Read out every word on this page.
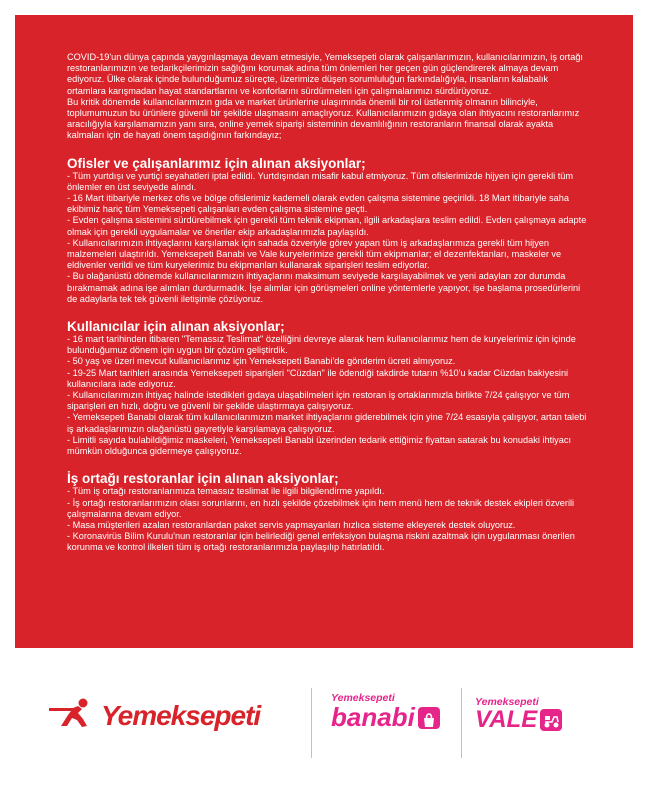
COVID-19'un dünya çapında yaygınlaşmaya devam etmesiyle, Yemeksepeti olarak çalışanlarımızın, kullanıcılarımızın, iş ortağı restoranlarımızın ve tedarikçilerimizin sağlığını korumak adına tüm önlemleri her geçen gün güçlendirerek almaya devam ediyoruz. Ülke olarak içinde bulunduğumuz süreçte, üzerimize düşen sorumluluğun farkındalığıyla, insanların kalabalık ortamlara karışmadan hayat standartlarını ve konforlarını sürdürmeleri için çalışmalarımızı sürdürüyoruz.

Bu kritik dönemde kullanıcılarımızın gıda ve market ürünlerine ulaşımında önemli bir rol üstlenmiş olmanın bilinciyle, toplumumuzun bu ürünlere güvenli bir şekilde ulaşmasını amaçlıyoruz. Kullanıcılarımızın gıdaya olan ihtiyacını restoranlarımız aracılığıyla karşılamamızın yanı sıra, online yemek siparişi sisteminin devamlılığının restoranların finansal olarak ayakta kalmaları için de hayati önem taşıdığının farkındayız;

Ofisler ve çalışanlarımız için alınan aksiyonlar;

- Tüm yurtdışı ve yurtiçi seyahatleri iptal edildi. Yurtdışından misafir kabul etmiyoruz. Tüm ofislerimizde hijyen için gerekli tüm önlemler en üst seviyede alındı.

- 16 Mart itibariyle merkez ofis ve bölge ofislerimiz kademeli olarak evden çalışma sistemine geçirildi. 18 Mart itibariyle saha ekibimiz hariç tüm Yemeksepeti çalışanları evden çalışma sistemine geçti.

- Evden çalışma sistemini sürdürebilmek için gerekli tüm teknik ekipman, ilgili arkadaşlara teslim edildi. Evden çalışmaya adapte olmak için gerekli uygulamalar ve öneriler ekip arkadaşlarımızla paylaşıldı.

- Kullanıcılarımızın ihtiyaçlarını karşılamak için sahada özveriyle görev yapan tüm iş arkadaşlarımıza gerekli tüm hijyen malzemeleri ulaştırıldı. Yemeksepeti Banabi ve Vale kuryelerimize gerekli tüm ekipmanlar; el dezenfektanları, maskeler ve eldivenler verildi ve tüm kuryelerimiz bu ekipmanları kullanarak siparişleri teslim ediyorlar.

- Bu olağanüstü dönemde kullanıcılarımızın ihtiyaçlarını maksimum seviyede karşılayabilmek ve yeni adayları zor durumda bırakmamak adına işe alımları durdurmadık. İşe alımlar için görüşmeleri online yöntemlerle yapıyor, işe başlama prosedürlerini de adaylarla tek tek güvenli iletişimle çözüyoruz.

Kullanıcılar için alınan aksiyonlar;

- 16 mart tarihinden itibaren "Temassız Teslimat" özelliğini devreye alarak hem kullanıcılarımız hem de kuryelerimiz için içinde bulunduğumuz dönem için uygun bir çözüm geliştirdik.

- 50 yaş ve üzeri mevcut kullanıcılarımız için Yemeksepeti Banabi'de gönderim ücreti almıyoruz.

- 19-25 Mart tarihleri arasında Yemeksepeti siparişleri "Cüzdan" ile ödendiği takdirde tutarın %10'u kadar Cüzdan bakiyesini kullanıcılara iade ediyoruz.

- Kullanıcılarımızın ihtiyaç halinde istedikleri gıdaya ulaşabilmeleri için restoran iş ortaklarımızla birlikte 7/24 çalışıyor ve tüm siparişleri en hızlı, doğru ve güvenli bir şekilde ulaştırmaya çalışıyoruz.

- Yemeksepeti Banabi olarak tüm kullanıcılarımızın market ihtiyaçlarını giderebilmek için yine 7/24 esasıyla çalışıyor, artan talebi iş arkadaşlarımızın olağanüstü gayretiyle karşılamaya çalışıyoruz.

- Limitli sayıda bulabildiğimiz maskeleri, Yemeksepeti Banabi üzerinden tedarik ettiğimiz fiyattan satarak bu konudaki ihtiyacı mümkün olduğunca gidermeye çalışıyoruz.

İş ortağı restoranlar için alınan aksiyonlar;

- Tüm iş ortağı restoranlarımıza temassız teslimat ile ilgili bilgilendirme yapıldı.

- İş ortağı restoranlarımızın olası sorunlarını, en hızlı şekilde çözebilmek için hem menü hem de teknik destek ekipleri özverili çalışmalarına devam ediyor.

- Masa müşterileri azalan restoranlardan paket servis yapmayanları hızlıca sisteme ekleyerek destek oluyoruz.

- Koronavirüs Bilim Kurulu'nun restoranlar için belirlediği genel enfeksiyon bulaşma riskini azaltmak için uygulanması önerilen korunma ve kontrol ilkeleri tüm iş ortağı restoranlarımızla paylaşılıp hatırlatıldı.

Yemeksepeti
Yemeksepeti
banabi	Yemeksepeti
VALE
